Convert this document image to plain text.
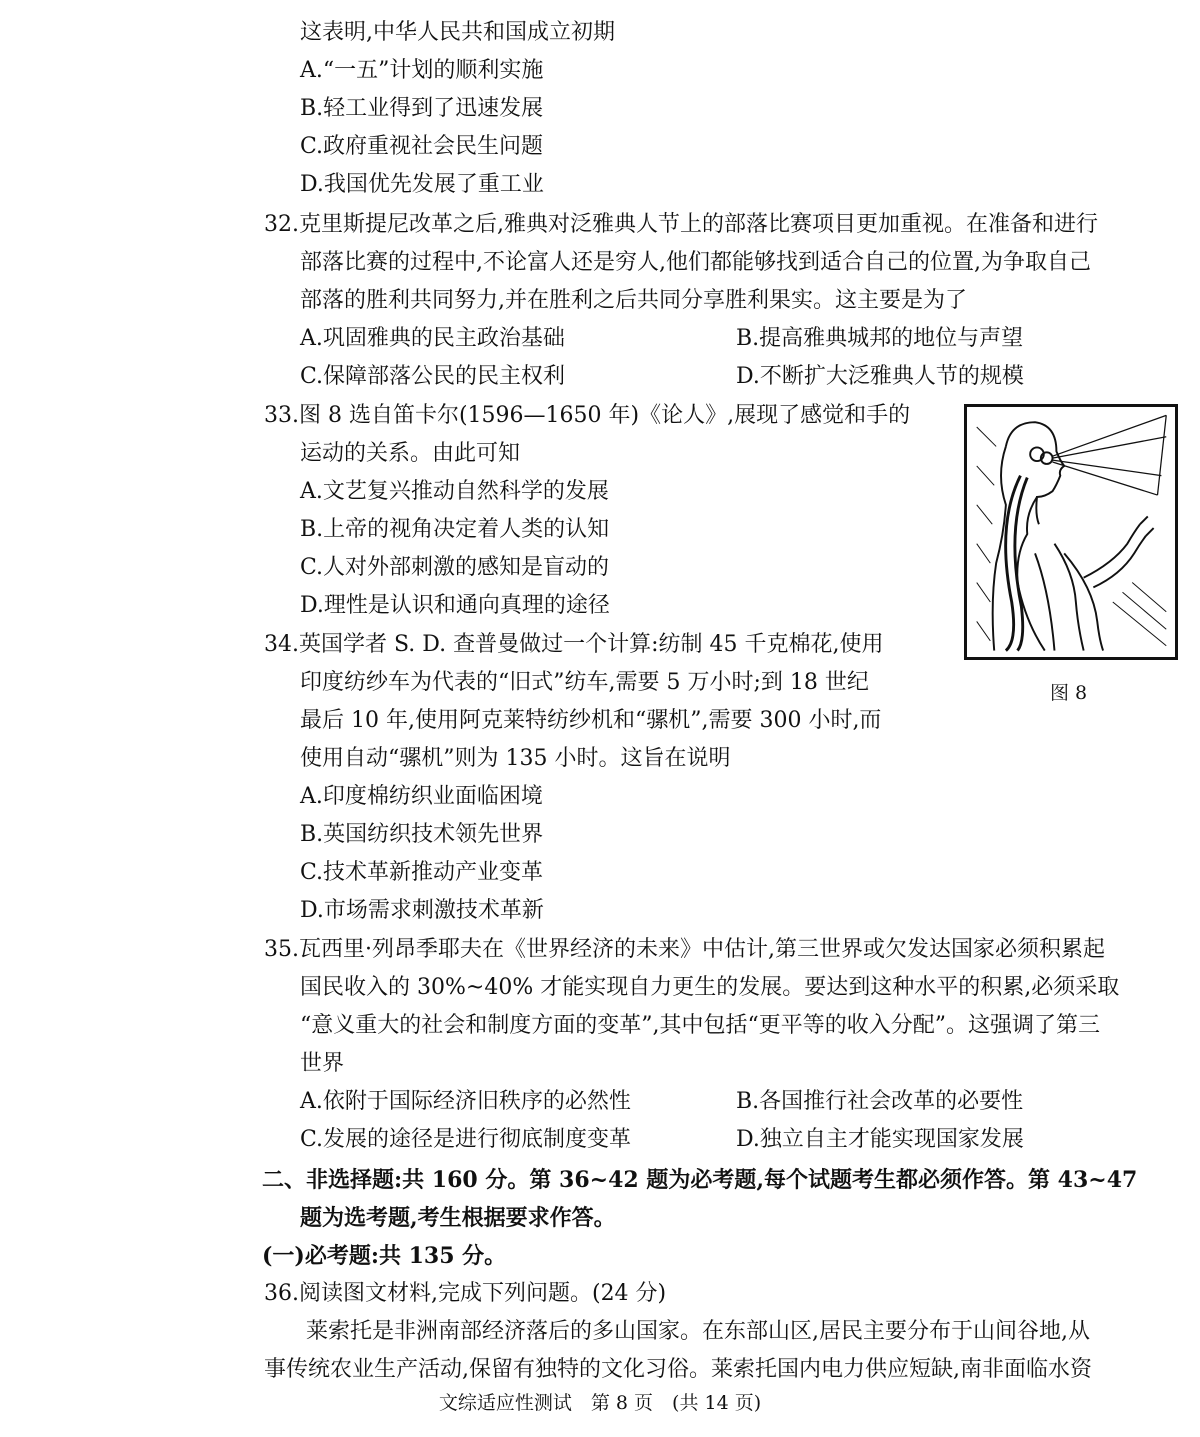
这表明,中华人民共和国成立初期
A.“一五”计划的顺利实施
B.轻工业得到了迅速发展
C.政府重视社会民生问题
D.我国优先发展了重工业
32.克里斯提尼改革之后,雅典对泛雅典人节上的部落比赛项目更加重视。在准备和进行
部落比赛的过程中,不论富人还是穷人,他们都能够找到适合自己的位置,为争取自己
部落的胜利共同努力,并在胜利之后共同分享胜利果实。这主要是为了
A.巩固雅典的民主政治基础	B.提高雅典城邦的地位与声望
C.保障部落公民的民主权利	D.不断扩大泛雅典人节的规模
33.图 8 选自笛卡尔(1596—1650 年)《论人》,展现了感觉和手的
运动的关系。由此可知
A.文艺复兴推动自然科学的发展
B.上帝的视角决定着人类的认知
C.人对外部刺激的感知是盲动的
D.理性是认识和通向真理的途径
图 8
34.英国学者 S. D. 查普曼做过一个计算:纺制 45 千克棉花,使用
印度纺纱车为代表的“旧式”纺车,需要 5 万小时;到 18 世纪
最后 10 年,使用阿克莱特纺纱机和“骡机”,需要 300 小时,而
使用自动“骡机”则为 135 小时。这旨在说明
A.印度棉纺织业面临困境
B.英国纺织技术领先世界
C.技术革新推动产业变革
D.市场需求刺激技术革新
35.瓦西里·列昂季耶夫在《世界经济的未来》中估计,第三世界或欠发达国家必须积累起
国民收入的 30%~40% 才能实现自力更生的发展。要达到这种水平的积累,必须采取
“意义重大的社会和制度方面的变革”,其中包括“更平等的收入分配”。这强调了第三
世界
A.依附于国际经济旧秩序的必然性	B.各国推行社会改革的必要性
C.发展的途径是进行彻底制度变革	D.独立自主才能实现国家发展
二、非选择题:共 160 分。第 36~42 题为必考题,每个试题考生都必须作答。第 43~47
题为选考题,考生根据要求作答。
(一)必考题:共 135 分。
36.阅读图文材料,完成下列问题。(24 分)
莱索托是非洲南部经济落后的多山国家。在东部山区,居民主要分布于山间谷地,从
事传统农业生产活动,保留有独特的文化习俗。莱索托国内电力供应短缺,南非面临水资
文综适应性测试　第 8 页　(共 14 页)
